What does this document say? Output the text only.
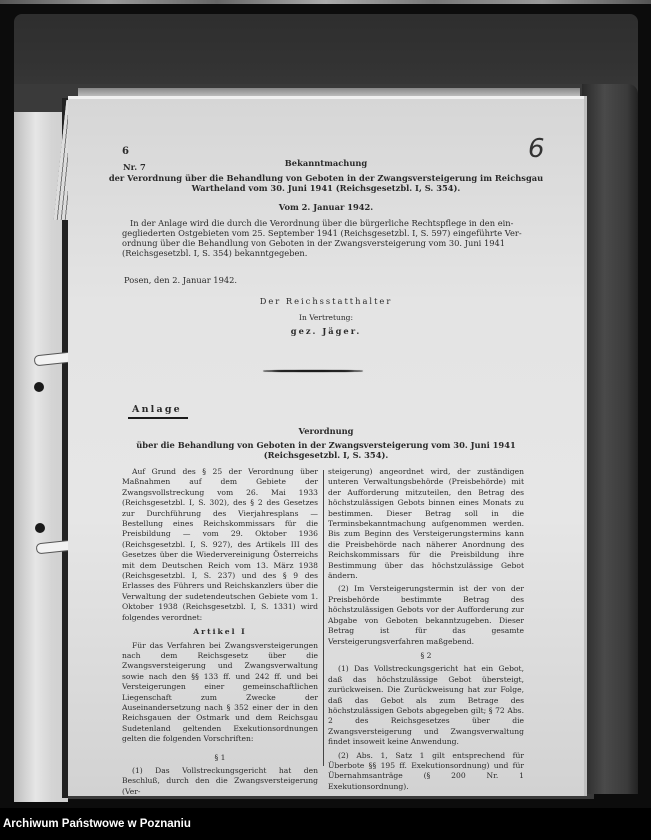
6	6

Nr. 7	Bekanntmachung

der Verordnung über die Behandlung von Geboten in der Zwangsversteigerung im Reichsgau

Wartheland vom 30. Juni 1941 (Reichsgesetzbl. I, S. 354).

Vom 2. Januar 1942.

In der Anlage wird die durch die Verordnung über die bürgerliche Rechtspflege in den ein-

gegliederten Ostgebieten vom 25. September 1941 (Reichsgesetzbl. I, S. 597) eingeführte Ver-

ordnung über die Behandlung von Geboten in der Zwangsversteigerung vom 30. Juni 1941

(Reichsgesetzbl. I, S. 354) bekanntgegeben.

Posen, den 2. Januar 1942.

Der Reichsstatthalter

In Vertretung:

gez. Jäger.

Anlage

Verordnung

über die Behandlung von Geboten in der Zwangsversteigerung vom 30. Juni 1941

(Reichsgesetzbl. I, S. 354).

Auf Grund des § 25 der Verordnung über Maßnahmen auf dem Gebiete der Zwangsvollstreckung vom 26. Mai 1933 (Reichsgesetzbl. I, S. 302), des § 2 des Gesetzes zur Durchführung des Vierjahresplans — Bestellung eines Reichskommissars für die Preisbildung — vom 29. Oktober 1936 (Reichsgesetzbl. I, S. 927), des Artikels III des Gesetzes über die Wiedervereinigung Österreichs mit dem Deutschen Reich vom 13. März 1938 (Reichsgesetzbl. I, S. 237) und des § 9 des Erlasses des Führers und Reichskanzlers über die Verwaltung der sudetendeutschen Gebiete vom 1. Oktober 1938 (Reichsgesetzbl. I, S. 1331) wird folgendes verordnet:

Artikel I

Für das Verfahren bei Zwangsversteigerungen nach dem Reichsgesetz über die Zwangsversteigerung und Zwangsverwaltung sowie nach den §§ 133 ff. und 242 ff. und bei Versteigerungen einer gemeinschaftlichen Liegenschaft zum Zwecke der Auseinandersetzung nach § 352 einer der in den Reichsgauen der Ostmark und dem Reichsgau Sudetenland geltenden Exekutionsordnungen gelten die folgenden Vorschriften:

§ 1

(1) Das Vollstreckungsgericht hat den Beschluß, durch den die Zwangsversteigerung (Ver-

steigerung) angeordnet wird, der zuständigen unteren Verwaltungsbehörde (Preisbehörde) mit der Aufforderung mitzuteilen, den Betrag des höchstzulässigen Gebots binnen eines Monats zu bestimmen. Dieser Betrag soll in die Terminsbekanntmachung aufgenommen werden. Bis zum Beginn des Versteigerungstermins kann die Preisbehörde nach näherer Anordnung des Reichskommissars für die Preisbildung ihre Bestimmung über das höchstzulässige Gebot ändern.

(2) Im Versteigerungstermin ist der von der Preisbehörde bestimmte Betrag des höchstzulässigen Gebots vor der Aufforderung zur Abgabe von Geboten bekanntzugeben. Dieser Betrag ist für das gesamte Versteigerungsverfahren maßgebend.

§ 2

(1) Das Vollstreckungsgericht hat ein Gebot, daß das höchstzulässige Gebot übersteigt, zurückweisen. Die Zurückweisung hat zur Folge, daß das Gebot als zum Betrage des höchstzulässigen Gebots abgegeben gilt; § 72 Abs. 2 des Reichsgesetzes über die Zwangsversteigerung und Zwangsverwaltung findet insoweit keine Anwendung.

(2) Abs. 1, Satz 1 gilt entsprechend für Überbote §§ 195 ff. Exekutionsordnung) und für Übernahmsanträge (§ 200 Nr. 1 Exekutionsordnung).

Archiwum Państwowe w Poznaniu
